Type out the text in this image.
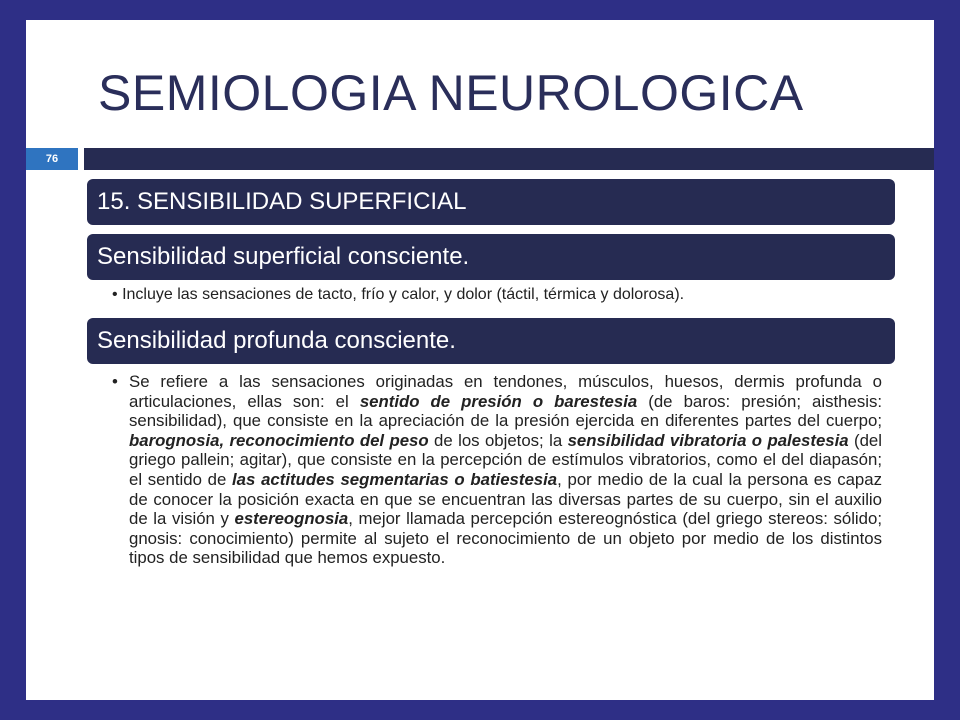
SEMIOLOGIA NEUROLOGICA
76
15. SENSIBILIDAD SUPERFICIAL
Sensibilidad superficial consciente.
• Incluye las sensaciones de tacto, frío y calor, y dolor (táctil, térmica y dolorosa).
Sensibilidad profunda consciente.
• Se refiere a las sensaciones originadas en tendones, músculos, huesos, dermis profunda o articulaciones, ellas son: el sentido de presión o barestesia (de baros: presión; aisthesis: sensibilidad), que consiste en la apreciación de la presión ejercida en diferentes partes del cuerpo; barognosia, reconocimiento del peso de los objetos; la sensibilidad vibratoria o palestesia (del griego pallein; agitar), que consiste en la percepción de estímulos vibratorios, como el del diapasón; el sentido de las actitudes segmentarias o batiestesia, por medio de la cual la persona es capaz de conocer la posición exacta en que se encuentran las diversas partes de su cuerpo, sin el auxilio de la visión y estereognosia, mejor llamada percepción estereognóstica (del griego stereos: sólido; gnosis: conocimiento) permite al sujeto el reconocimiento de un objeto por medio de los distintos tipos de sensibilidad que hemos expuesto.
